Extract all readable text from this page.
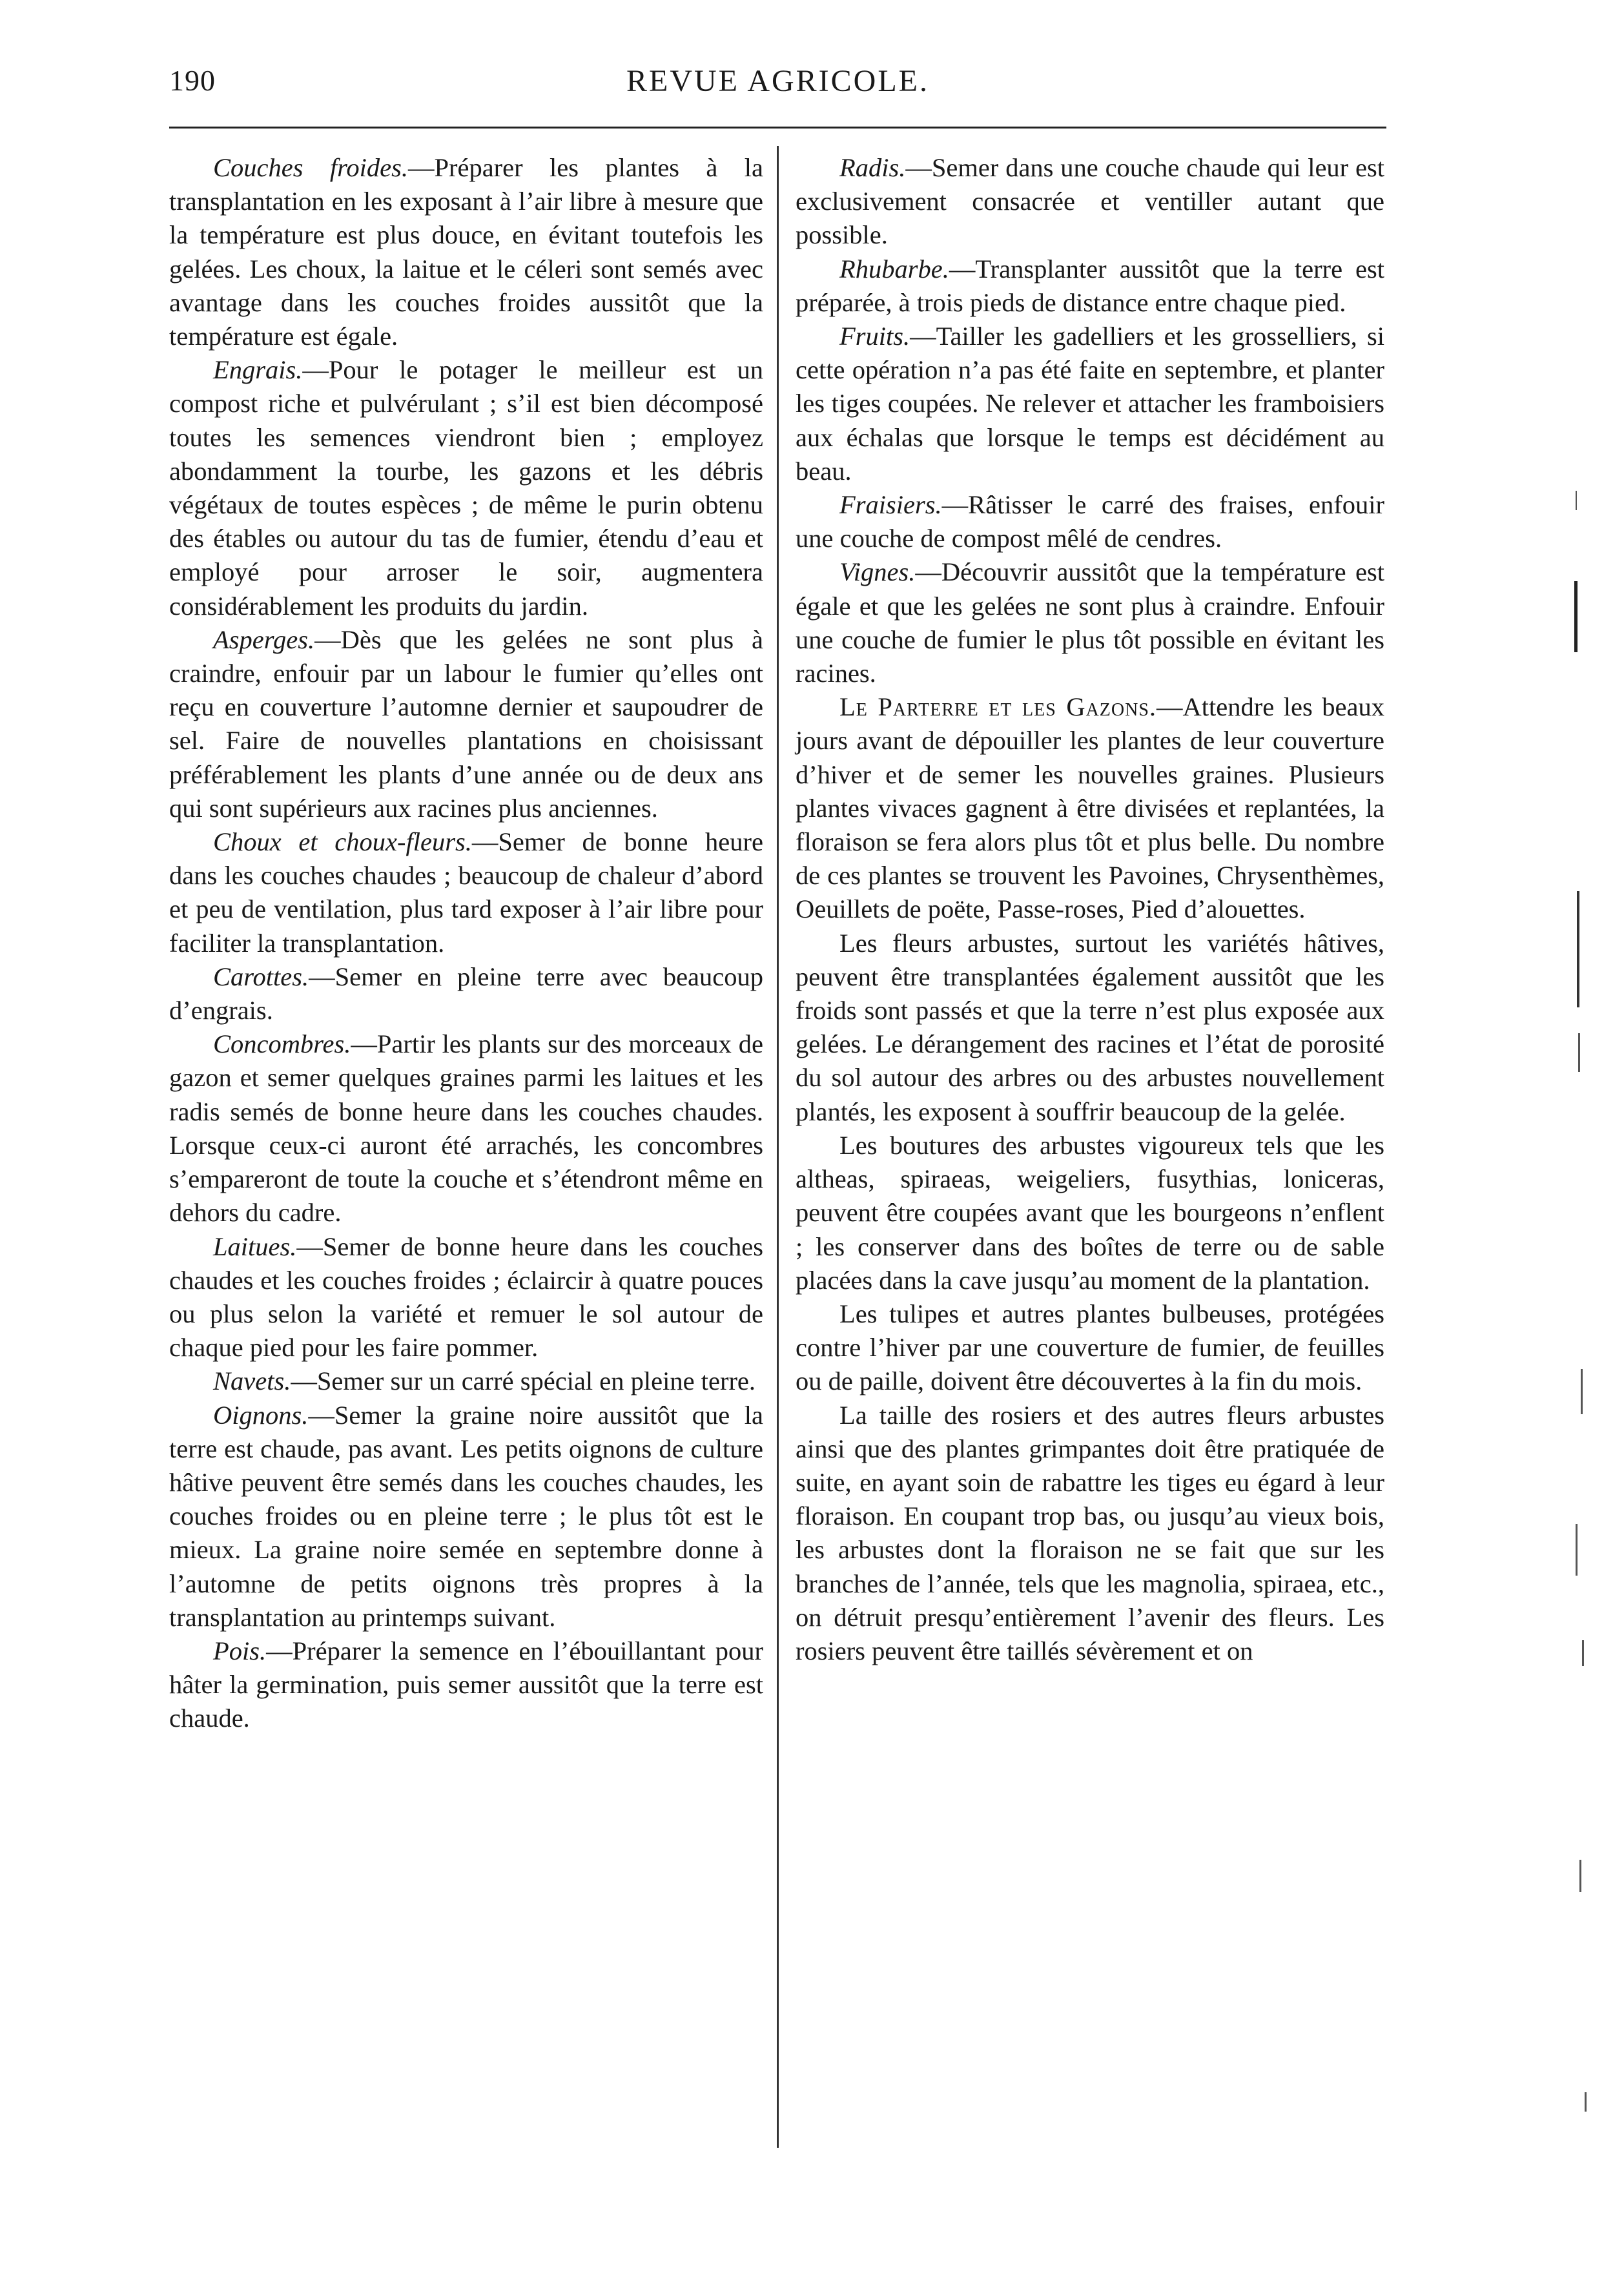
190	REVUE AGRICOLE.

Couches froides.—Préparer les plantes à la transplantation en les exposant à l’air libre à mesure que la température est plus douce, en évitant toutefois les gelées. Les choux, la laitue et le céleri sont semés avec avantage dans les couches froides aussitôt que la température est égale.

Engrais.—Pour le potager le meilleur est un compost riche et pulvérulant ; s’il est bien décomposé toutes les semences viendront bien ; employez abondamment la tourbe, les gazons et les débris végétaux de toutes espèces ; de même le purin obtenu des étables ou autour du tas de fumier, étendu d’eau et employé pour arroser le soir, augmentera considérablement les produits du jardin.

Asperges.—Dès que les gelées ne sont plus à craindre, enfouir par un labour le fumier qu’elles ont reçu en couverture l’automne dernier et saupoudrer de sel. Faire de nouvelles plantations en choisissant préférablement les plants d’une année ou de deux ans qui sont supérieurs aux racines plus anciennes.

Choux et choux-fleurs.—Semer de bonne heure dans les couches chaudes ; beaucoup de chaleur d’abord et peu de ventilation, plus tard exposer à l’air libre pour faciliter la transplantation.

Carottes.—Semer en pleine terre avec beaucoup d’engrais.

Concombres.—Partir les plants sur des morceaux de gazon et semer quelques graines parmi les laitues et les radis semés de bonne heure dans les couches chaudes. Lorsque ceux-ci auront été arrachés, les concombres s’empareront de toute la couche et s’étendront même en dehors du cadre.

Laitues.—Semer de bonne heure dans les couches chaudes et les couches froides ; éclaircir à quatre pouces ou plus selon la variété et remuer le sol autour de chaque pied pour les faire pommer.

Navets.—Semer sur un carré spécial en pleine terre.

Oignons.—Semer la graine noire aussitôt que la terre est chaude, pas avant. Les petits oignons de culture hâtive peuvent être semés dans les couches chaudes, les couches froides ou en pleine terre ; le plus tôt est le mieux. La graine noire semée en septembre donne à l’automne de petits oignons très propres à la transplantation au printemps suivant.

Pois.—Préparer la semence en l’ébouillantant pour hâter la germination, puis semer aussitôt que la terre est chaude.

Radis.—Semer dans une couche chaude qui leur est exclusivement consacrée et ventiller autant que possible.

Rhubarbe.—Transplanter aussitôt que la terre est préparée, à trois pieds de distance entre chaque pied.

Fruits.—Tailler les gadelliers et les grosselliers, si cette opération n’a pas été faite en septembre, et planter les tiges coupées. Ne relever et attacher les framboisiers aux échalas que lorsque le temps est décidément au beau.

Fraisiers.—Râtisser le carré des fraises, enfouir une couche de compost mêlé de cendres.

Vignes.—Découvrir aussitôt que la température est égale et que les gelées ne sont plus à craindre. Enfouir une couche de fumier le plus tôt possible en évitant les racines.

Le Parterre et les Gazons.—Attendre les beaux jours avant de dépouiller les plantes de leur couverture d’hiver et de semer les nouvelles graines. Plusieurs plantes vivaces gagnent à être divisées et replantées, la floraison se fera alors plus tôt et plus belle. Du nombre de ces plantes se trouvent les Pavoines, Chrysenthèmes, Oeuillets de poëte, Passe-roses, Pied d’alouettes.

Les fleurs arbustes, surtout les variétés hâtives, peuvent être transplantées également aussitôt que les froids sont passés et que la terre n’est plus exposée aux gelées. Le dérangement des racines et l’état de porosité du sol autour des arbres ou des arbustes nouvellement plantés, les exposent à souffrir beaucoup de la gelée.

Les boutures des arbustes vigoureux tels que les altheas, spiraeas, weigeliers, fusythias, loniceras, peuvent être coupées avant que les bourgeons n’enflent ; les conserver dans des boîtes de terre ou de sable placées dans la cave jusqu’au moment de la plantation.

Les tulipes et autres plantes bulbeuses, protégées contre l’hiver par une couverture de fumier, de feuilles ou de paille, doivent être découvertes à la fin du mois.

La taille des rosiers et des autres fleurs arbustes ainsi que des plantes grimpantes doit être pratiquée de suite, en ayant soin de rabattre les tiges eu égard à leur floraison. En coupant trop bas, ou jusqu’au vieux bois, les arbustes dont la floraison ne se fait que sur les branches de l’année, tels que les magnolia, spiraea, etc., on détruit presqu’entièrement l’avenir des fleurs. Les rosiers peuvent être taillés sévèrement et on
